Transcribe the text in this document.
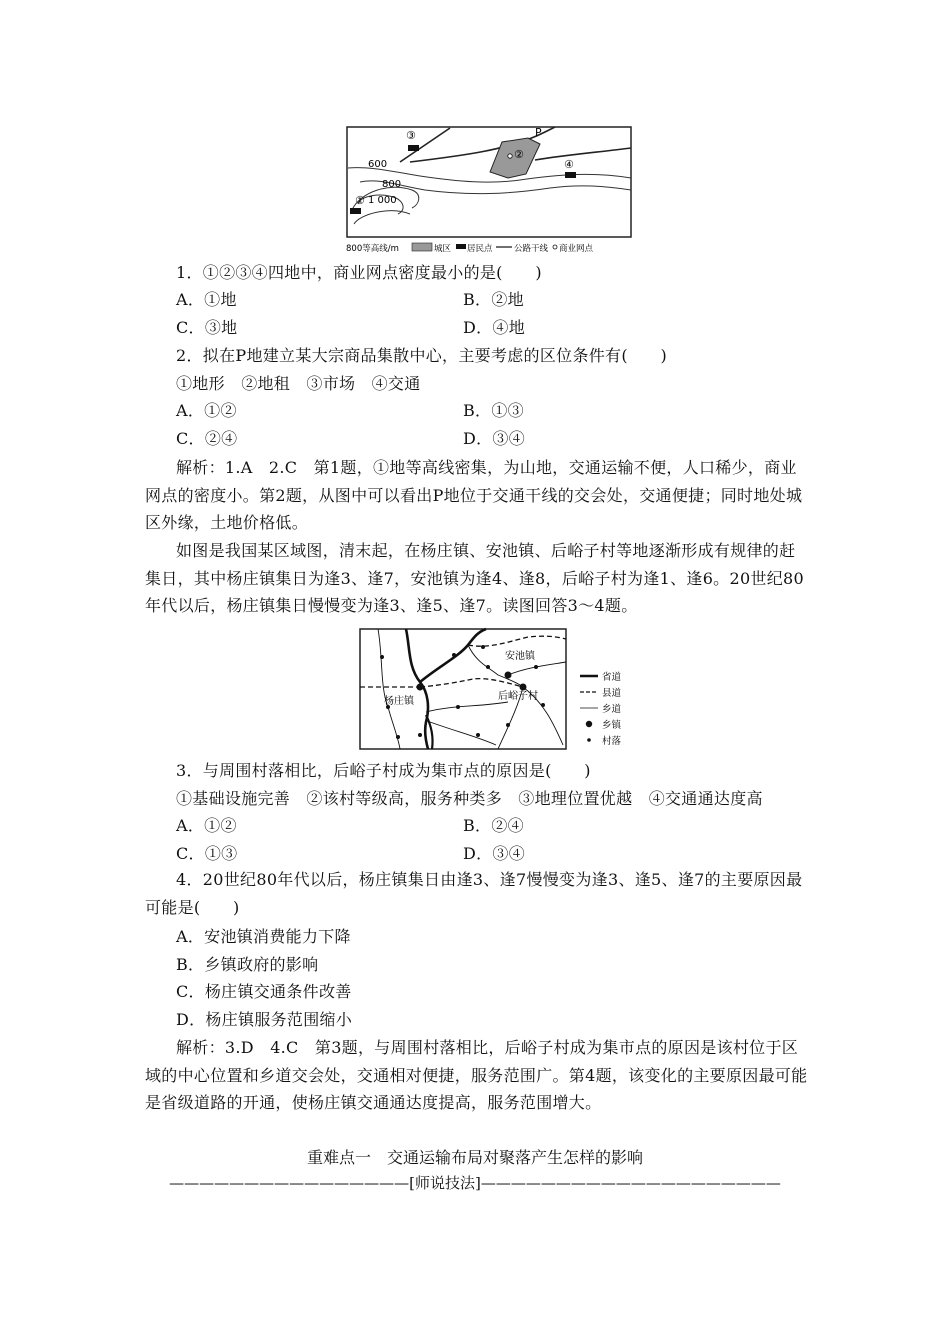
③	P
②
④
600
800
① 1 000
800等高线/m	城区 居民点	公路干线 商业网点
1．①②③④四地中，商业网点密度最小的是(　　)
A．①地	B．②地
C．③地	D．④地
2．拟在P地建立某大宗商品集散中心，主要考虑的区位条件有(　　)
①地形　②地租　③市场　④交通
A．①②	B．①③
C．②④	D．③④
解析：1.A　2.C　第1题，①地等高线密集，为山地，交通运输不便，人口稀少，商业网点的密度小。第2题，从图中可以看出P地位于交通干线的交会处，交通便捷；同时地处城区外缘，土地价格低。
如图是我国某区域图，清末起，在杨庄镇、安池镇、后峪子村等地逐渐形成有规律的赶集日，其中杨庄镇集日为逢3、逢7，安池镇为逢4、逢8，后峪子村为逢1、逢6。20世纪80年代以后，杨庄镇集日慢慢变为逢3、逢5、逢7。读图回答3～4题。
安池镇
后峪子村
杨庄镇
省道
县道
乡道
乡镇
村落
3．与周围村落相比，后峪子村成为集市点的原因是(　　)
①基础设施完善　②该村等级高，服务种类多　③地理位置优越　④交通通达度高
A．①②	B．②④
C．①③	D．③④
4．20世纪80年代以后，杨庄镇集日由逢3、逢7慢慢变为逢3、逢5、逢7的主要原因最可能是(　　)
A．安池镇消费能力下降
B．乡镇政府的影响
C．杨庄镇交通条件改善
D．杨庄镇服务范围缩小
解析：3.D　4.C　第3题，与周围村落相比，后峪子村成为集市点的原因是该村位于区域的中心位置和乡道交会处，交通相对便捷，服务范围广。第4题，该变化的主要原因最可能是省级道路的开通，使杨庄镇交通通达度提高，服务范围增大。
重难点一　交通运输布局对聚落产生怎样的影响
————————————————[师说技法]————————————————————
